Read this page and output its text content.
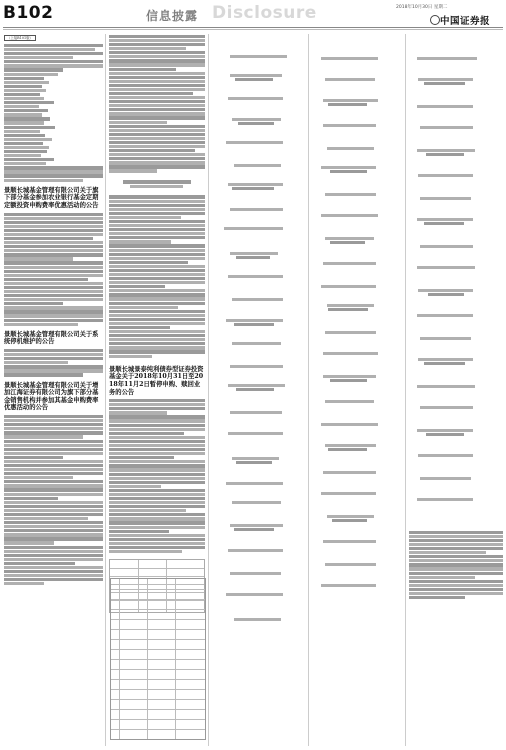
B102	信息披露 Disclosure	2018年10月30日 星期二
中国证券报
（上接B101版）
景顺长城基金管理有限公司关于旗下部分基金参加农业银行基金定期定额投资申购费率优惠活动的公告
景顺长城基金管理有限公司关于系统停机维护的公告
景顺长城基金管理有限公司关于增加江海证券有限公司为旗下部分基金销售机构并参加其基金申购费率优惠活动的公告
景顺长城景泰纯利债券型证券投资基金关于2018年10月31日至2018年11月2日暂停申购、赎回业务的公告
